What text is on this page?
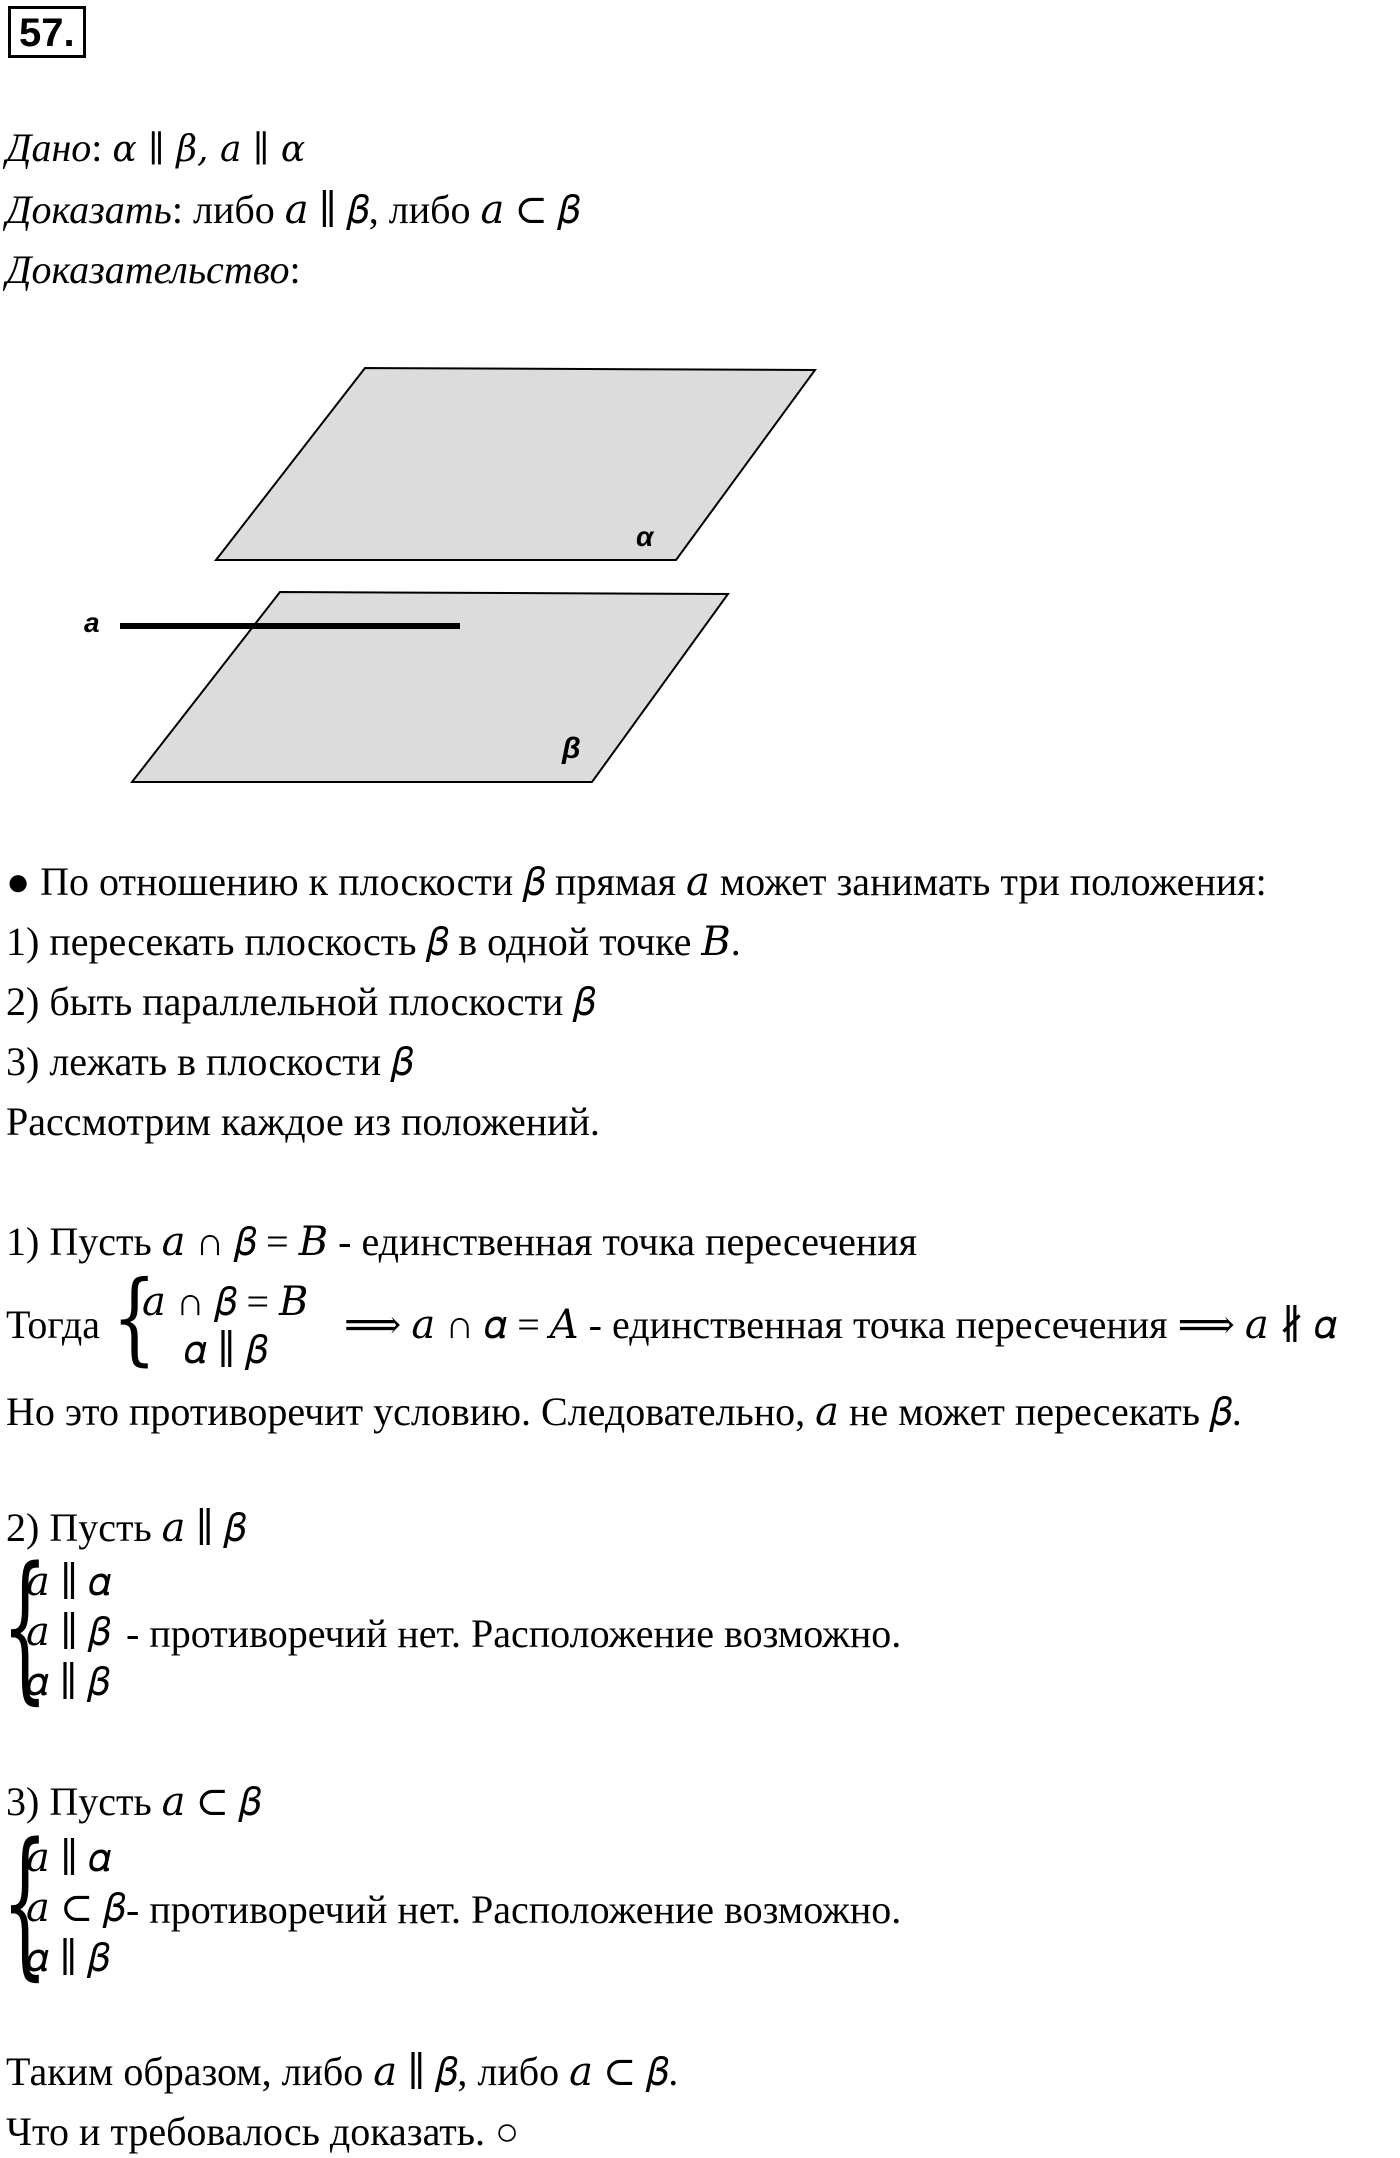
57.
Дано: 𝛼 ∥ 𝛽, 𝑎 ∥ 𝛼
Доказать: либо 𝑎 ∥ 𝛽, либо 𝑎 ⊂ 𝛽
Доказательство:
α
β
a
● По отношению к плоскости 𝛽 прямая 𝑎 может занимать три положения:
1) пересекать плоскость 𝛽 в одной точке 𝐵.
2) быть параллельной плоскости 𝛽
3) лежать в плоскости 𝛽
Рассмотрим каждое из положений.
1) Пусть 𝑎 ∩ 𝛽 = 𝐵 - единственная точка пересечения
Тогда {
𝑎 ∩ 𝛽 = 𝐵
𝛼 ∥ 𝛽
⟹ 𝑎 ∩ 𝛼 = 𝐴 - единственная точка пересечения ⟹ 𝑎 ∦ 𝛼
Но это противоречит условию. Следовательно, 𝑎 не может пересекать 𝛽.
2) Пусть 𝑎 ∥ 𝛽
{
𝑎 ∥ 𝛼
𝑎 ∥ 𝛽
𝛼 ∥ 𝛽
- противоречий нет. Расположение возможно.
3) Пусть 𝑎 ⊂ 𝛽
{
𝑎 ∥ 𝛼
𝑎 ⊂ 𝛽
𝛼 ∥ 𝛽
- противоречий нет. Расположение возможно.
Таким образом, либо 𝑎 ∥ 𝛽, либо 𝑎 ⊂ 𝛽.
Что и требовалось доказать. ○
